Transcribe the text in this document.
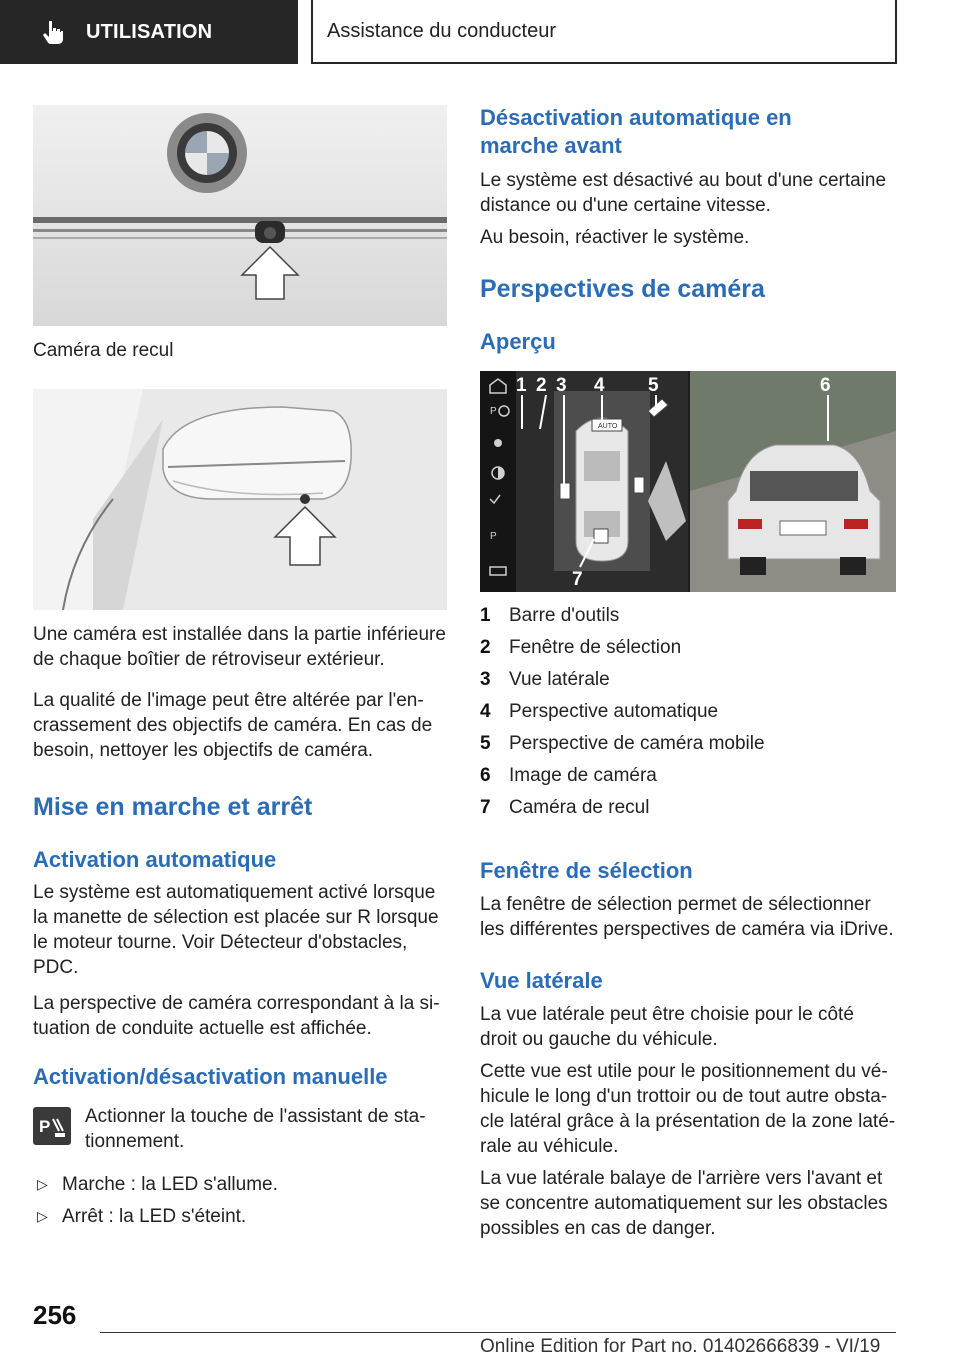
UTILISATION	Assistance du conducteur

Caméra de recul

Une caméra est installée dans la partie inférieure de chaque boîtier de rétroviseur extérieur.

La qualité de l'image peut être altérée par l'en-crassement des objectifs de caméra. En cas de besoin, nettoyer les objectifs de caméra.

Mise en marche et arrêt
Activation automatique

Le système est automatiquement activé lorsque la manette de sélection est placée sur R lorsque le moteur tourne. Voir Détecteur d'obstacles, PDC.

La perspective de caméra correspondant à la si-tuation de conduite actuelle est affichée.

Activation/désactivation manuelle
P Actionner la touche de l'assistant de sta-tionnement.

▷ Marche : la LED s'allume.

▷ Arrêt : la LED s'éteint.

Désactivation automatique en marche avant

Le système est désactivé au bout d'une certaine distance ou d'une certaine vitesse.

Au besoin, réactiver le système.

Perspectives de caméra
Aperçu
P
P
AUTO
1 2 3 4 5	6
7
1 Barre d'outils
2 Fenêtre de sélection
3 Vue latérale
4 Perspective automatique
5 Perspective de caméra mobile
6 Image de caméra
7 Caméra de recul
Fenêtre de sélection

La fenêtre de sélection permet de sélectionner les différentes perspectives de caméra via iDrive.

Vue latérale

La vue latérale peut être choisie pour le côté droit ou gauche du véhicule.

Cette vue est utile pour le positionnement du vé-hicule le long d'un trottoir ou de tout autre obsta-cle latéral grâce à la présentation de la zone laté-rale au véhicule.

La vue latérale balaye de l'arrière vers l'avant et se concentre automatiquement sur les obstacles possibles en cas de danger.

256
Online Edition for Part no. 01402666839 - VI/19
